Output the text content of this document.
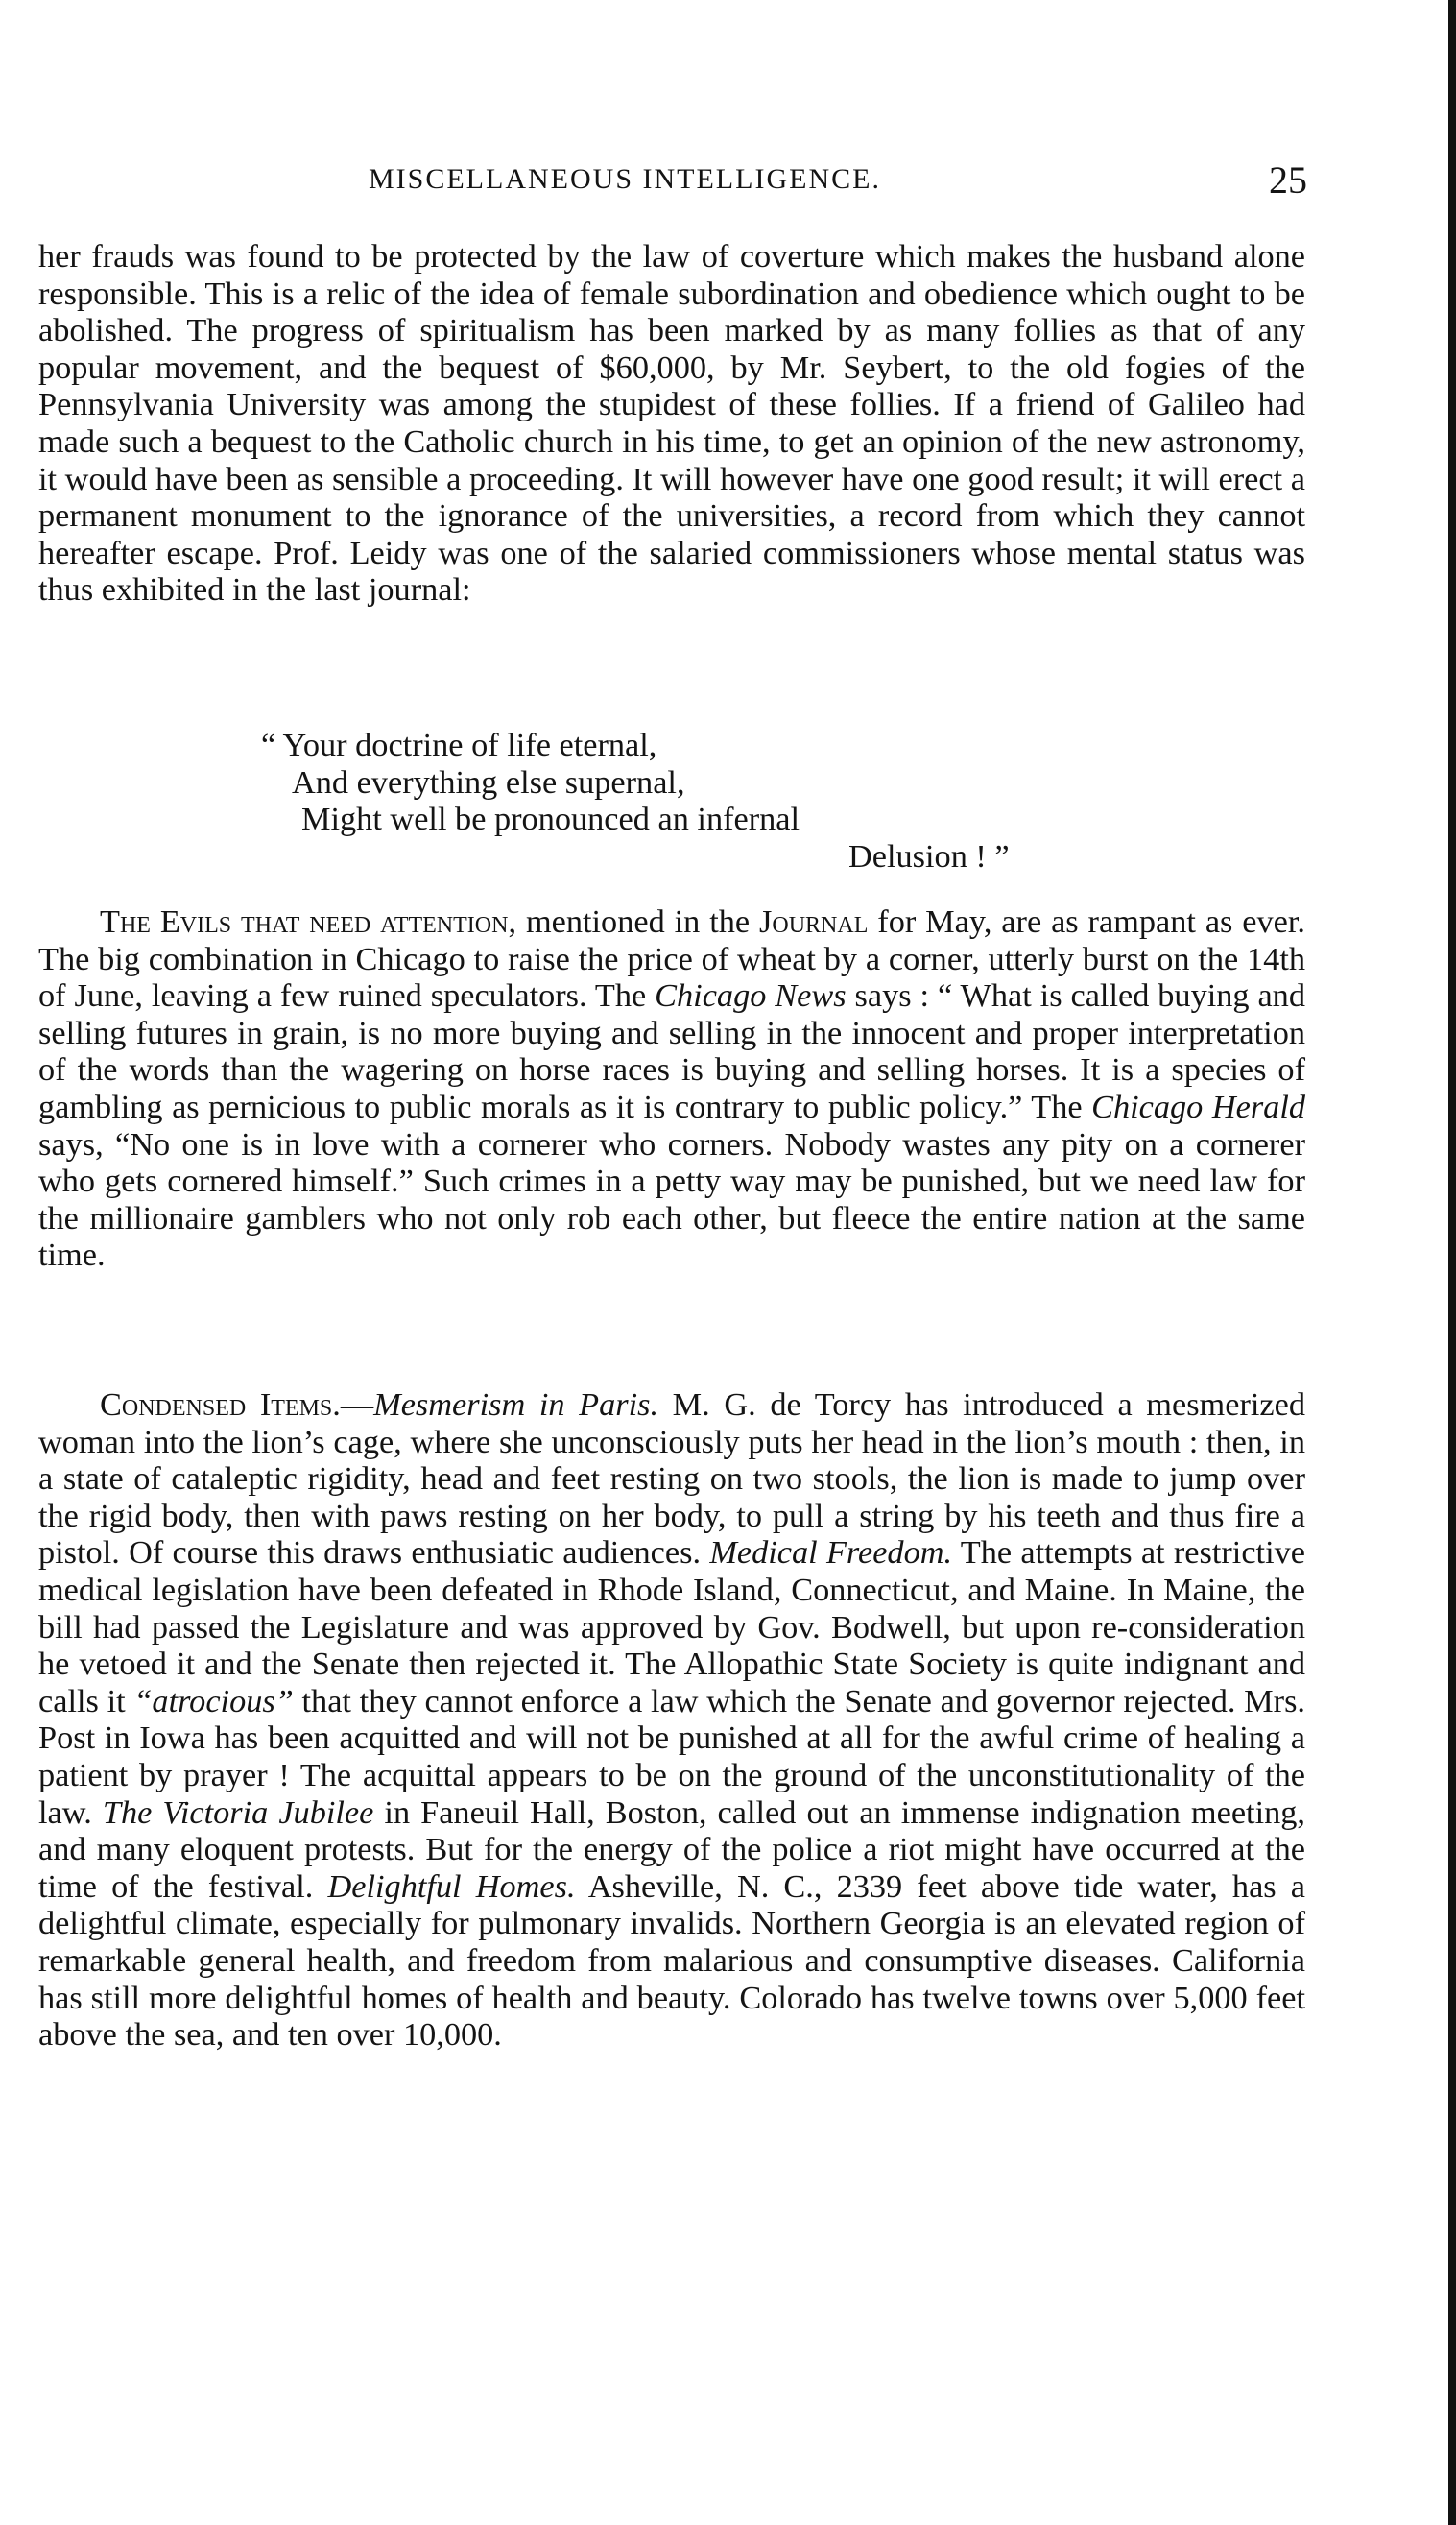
MISCELLANEOUS INTELLIGENCE.	25

her frauds was found to be protected by the law of coverture which makes the husband alone responsible. This is a relic of the idea of female subordination and obedience which ought to be abolished. The progress of spiritualism has been marked by as many follies as that of any popular movement, and the bequest of $60,000, by Mr. Seybert, to the old fogies of the Pennsylvania University was among the stupidest of these follies. If a friend of Galileo had made such a bequest to the Catholic church in his time, to get an opinion of the new astronomy, it would have been as sensible a proceeding. It will however have one good result; it will erect a permanent monument to the ignorance of the universities, a record from which they cannot hereafter escape. Prof. Leidy was one of the salaried commissioners whose mental status was thus exhibited in the last journal:

“ Your doctrine of life eternal,
And everything else supernal,
Might well be pronounced an infernal
Delusion ! ”

The Evils that need attention, mentioned in the Journal for May, are as rampant as ever. The big combination in Chicago to raise the price of wheat by a corner, utterly burst on the 14th of June, leaving a few ruined speculators. The Chicago News says : “ What is called buying and selling futures in grain, is no more buying and selling in the innocent and proper interpretation of the words than the wagering on horse races is buying and selling horses. It is a species of gambling as pernicious to public morals as it is contrary to public policy.” The Chicago Herald says, “No one is in love with a cornerer who corners. Nobody wastes any pity on a cornerer who gets cornered himself.” Such crimes in a petty way may be punished, but we need law for the millionaire gamblers who not only rob each other, but fleece the entire nation at the same time.

Condensed Items.—Mesmerism in Paris. M. G. de Torcy has introduced a mesmerized woman into the lion’s cage, where she unconsciously puts her head in the lion’s mouth : then, in a state of cataleptic rigidity, head and feet resting on two stools, the lion is made to jump over the rigid body, then with paws resting on her body, to pull a string by his teeth and thus fire a pistol. Of course this draws enthusiatic audiences. Medical Freedom. The attempts at restrictive medical legislation have been defeated in Rhode Island, Connecticut, and Maine. In Maine, the bill had passed the Legislature and was approved by Gov. Bodwell, but upon re-consideration he vetoed it and the Senate then rejected it. The Allopathic State Society is quite indignant and calls it “atrocious” that they cannot enforce a law which the Senate and governor rejected. Mrs. Post in Iowa has been acquitted and will not be punished at all for the awful crime of healing a patient by prayer ! The acquittal appears to be on the ground of the unconstitutionality of the law. The Victoria Jubilee in Faneuil Hall, Boston, called out an immense indignation meeting, and many eloquent protests. But for the energy of the police a riot might have occurred at the time of the festival. Delightful Homes. Asheville, N. C., 2339 feet above tide water, has a delightful climate, especially for pulmonary invalids. Northern Georgia is an elevated region of remarkable general health, and freedom from malarious and consumptive diseases. California has still more delightful homes of health and beauty. Colorado has twelve towns over 5,000 feet above the sea, and ten over 10,000.
